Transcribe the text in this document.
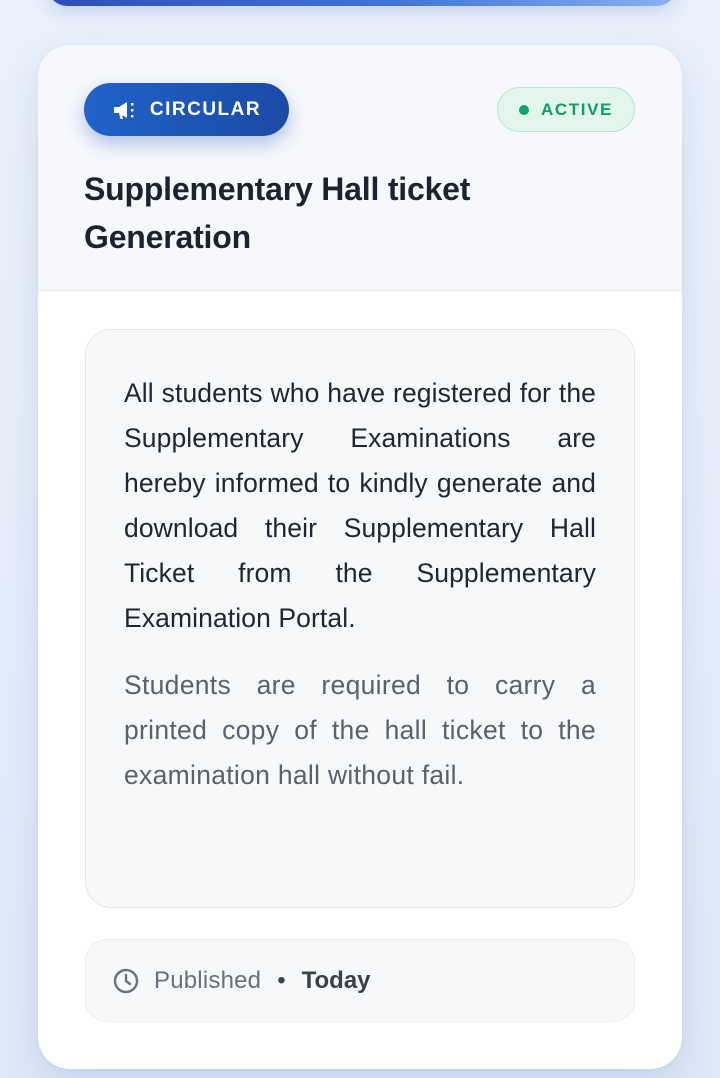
CIRCULAR	ACTIVE
Supplementary Hall ticket Generation

All students who have registered for the Supplementary Examinations are hereby informed to kindly generate and download their Supplementary Hall Ticket from the Supplementary Examination Portal.

Students are required to carry a printed copy of the hall ticket to the examination hall without fail.

Published • Today
